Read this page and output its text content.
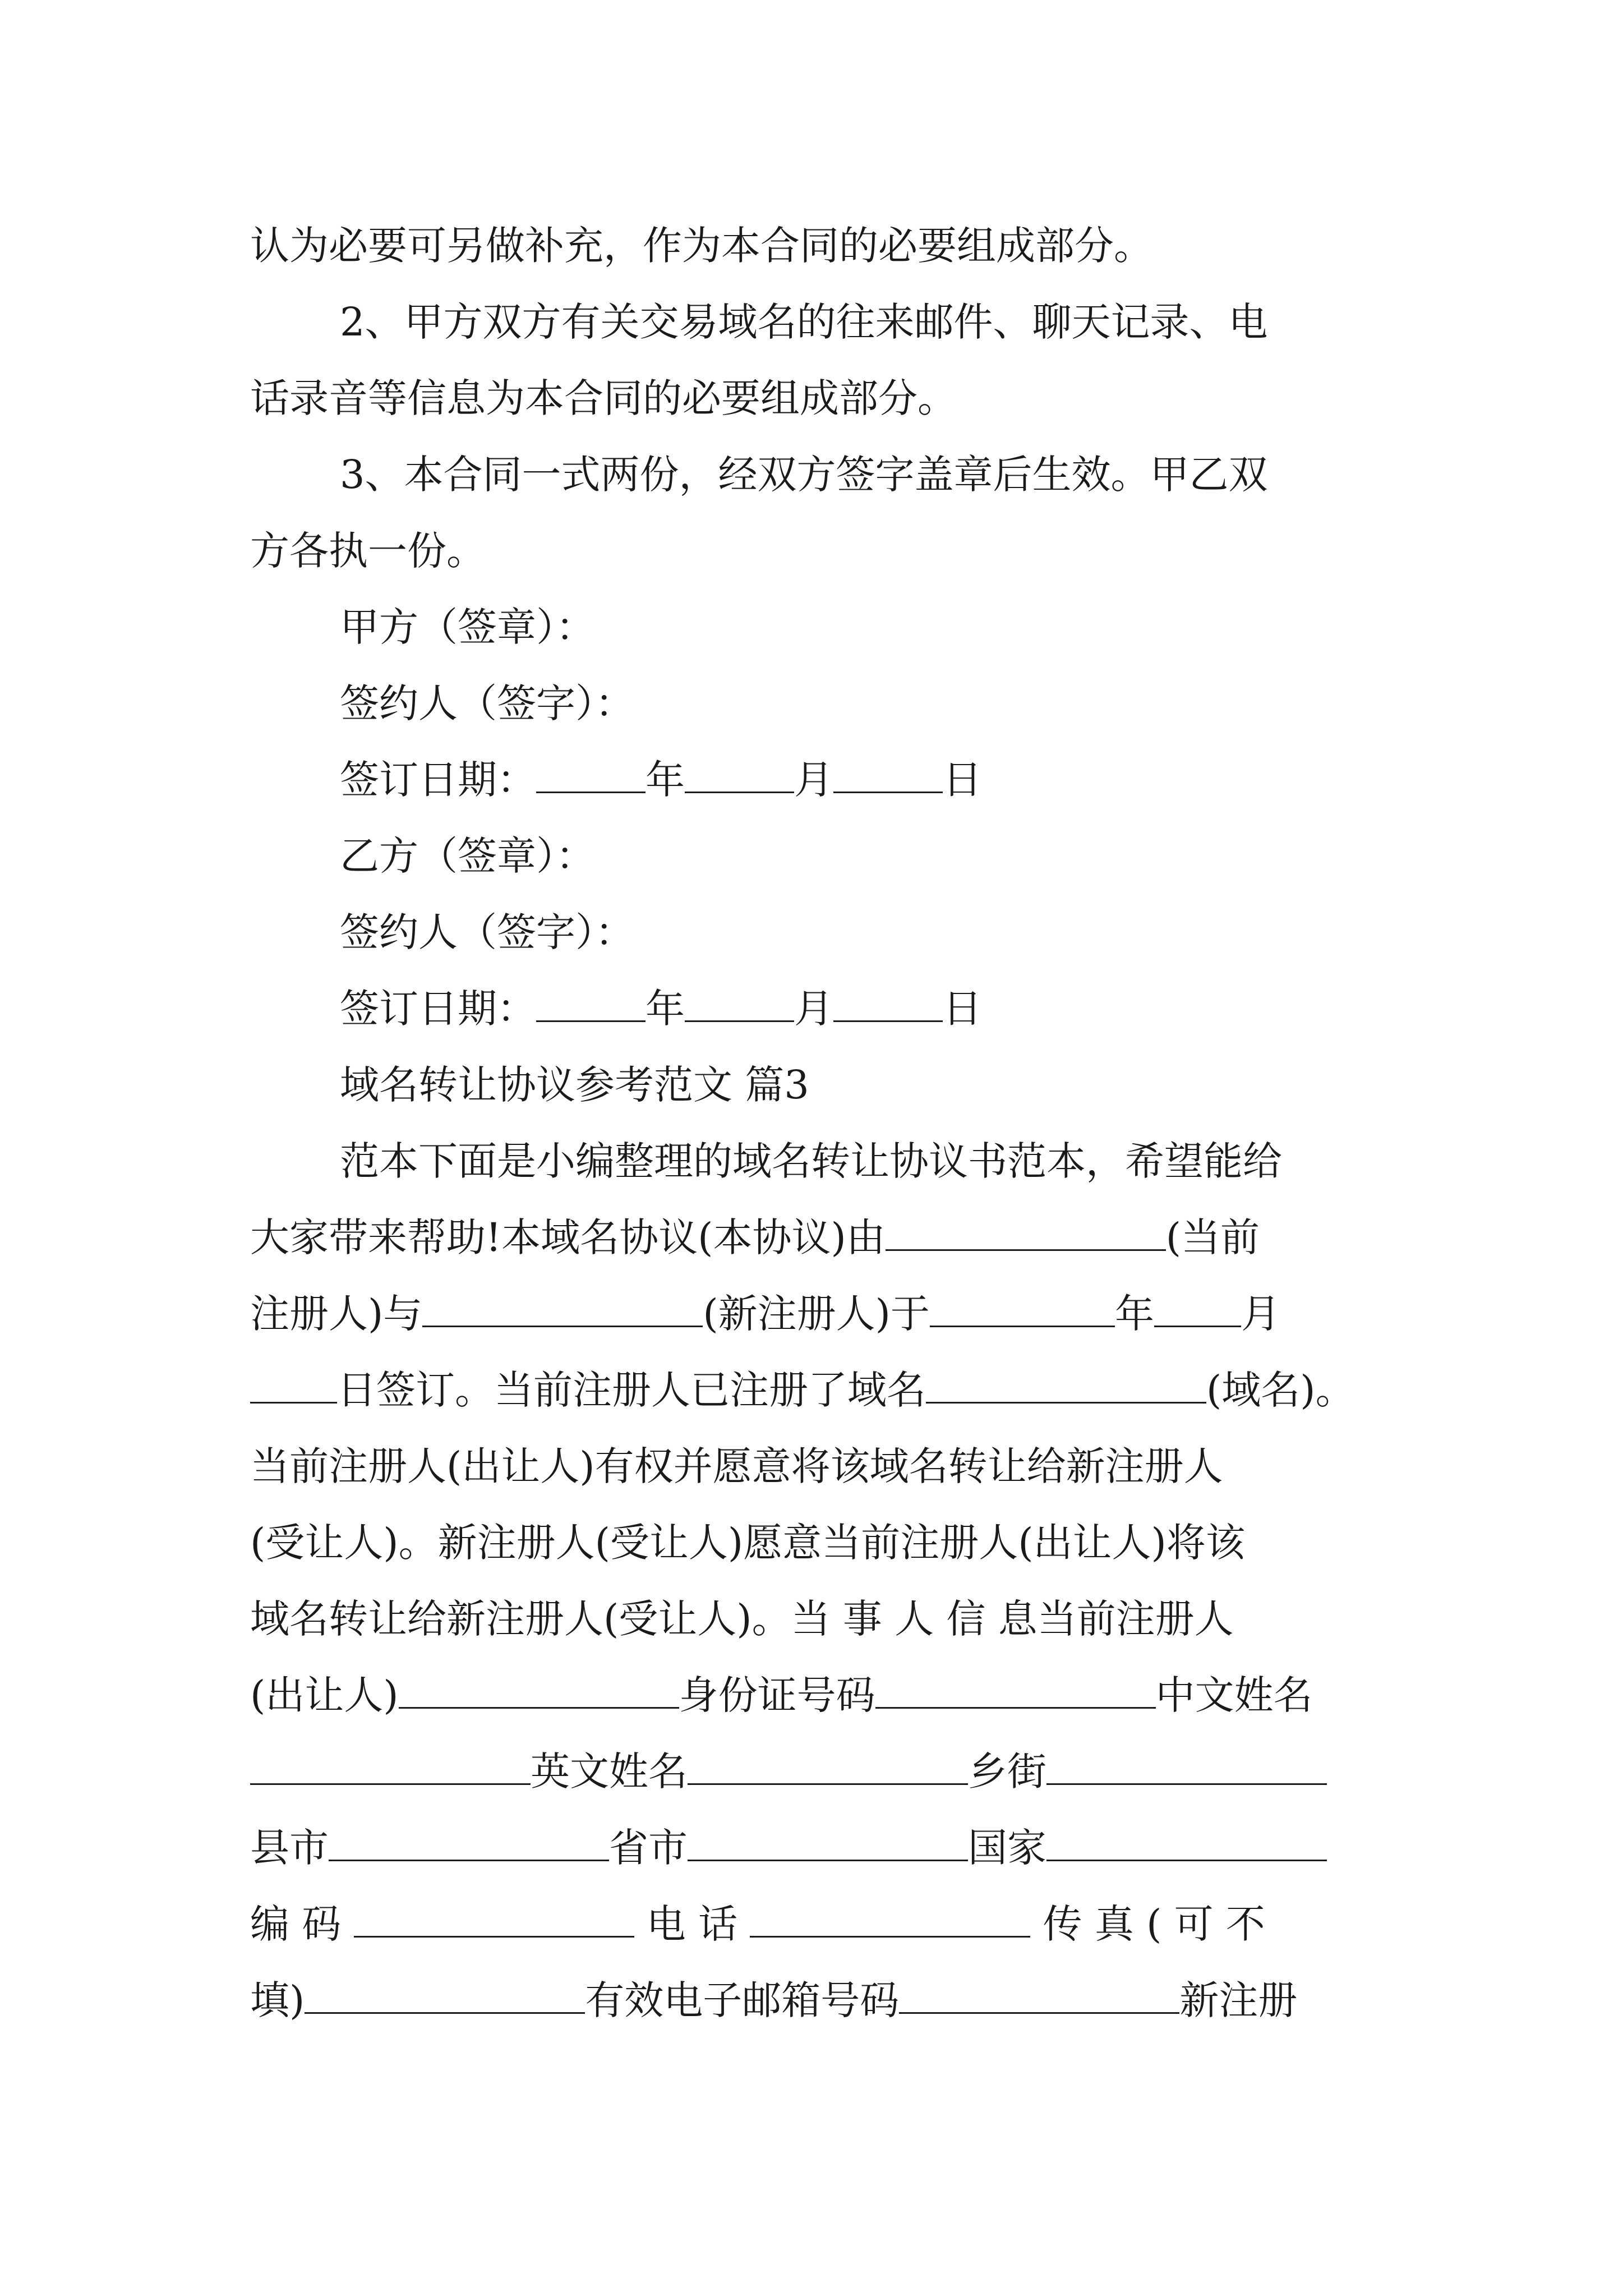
认为必要可另做补充，作为本合同的必要组成部分。
2、甲方双方有关交易域名的往来邮件、聊天记录、电
话录音等信息为本合同的必要组成部分。
3、本合同一式两份，经双方签字盖章后生效。甲乙双
方各执一份。
甲方（签章）：
签约人（签字）：
签订日期：	年	月	日
乙方（签章）：
签约人（签字）：
签订日期：	年	月	日
域名转让协议参考范文 篇3
范本下面是小编整理的域名转让协议书范本，希望能给
大家带来帮助!本域名协议(本协议)由	(当前
注册人)与	(新注册人)于	年 月
日签订。当前注册人已注册了域名	(域名)。
当前注册人(出让人)有权并愿意将该域名转让给新注册人
(受让人)。新注册人(受让人)愿意当前注册人(出让人)将该
域名转让给新注册人(受让人)。当 事 人 信 息当前注册人
(出让人)	身份证号码	中文姓名
英文姓名	乡街
县市	省市	国家
编 码	电 话	传 真 ( 可 不
填)	有效电子邮箱号码	新注册
